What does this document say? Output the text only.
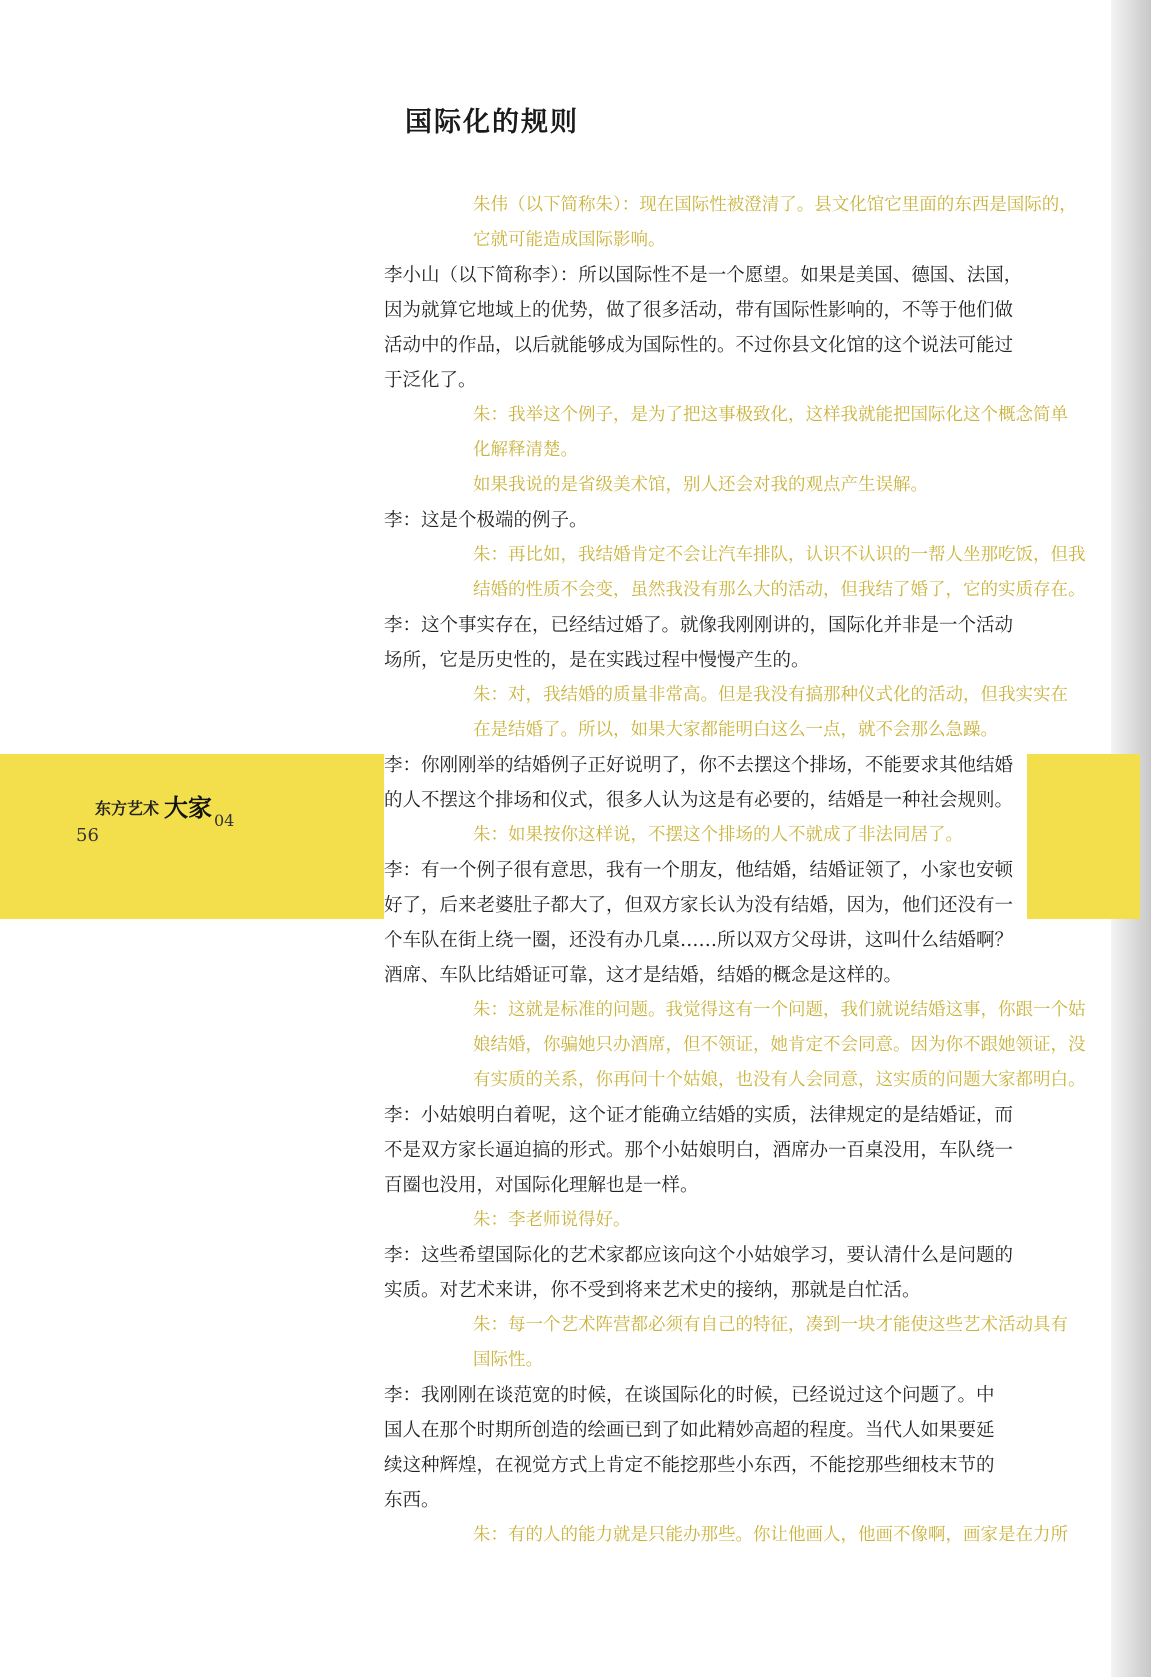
国际化的规则
东方艺术 大家 04
56
朱伟（以下简称朱）：现在国际性被澄清了。县文化馆它里面的东西是国际的，
它就可能造成国际影响。
李小山（以下简称李）：所以国际性不是一个愿望。如果是美国、德国、法国，
因为就算它地域上的优势，做了很多活动，带有国际性影响的，不等于他们做
活动中的作品，以后就能够成为国际性的。不过你县文化馆的这个说法可能过
于泛化了。
朱：我举这个例子，是为了把这事极致化，这样我就能把国际化这个概念简单
化解释清楚。
如果我说的是省级美术馆，别人还会对我的观点产生误解。
李：这是个极端的例子。
朱：再比如，我结婚肯定不会让汽车排队，认识不认识的一帮人坐那吃饭，但我
结婚的性质不会变，虽然我没有那么大的活动，但我结了婚了，它的实质存在。
李：这个事实存在，已经结过婚了。就像我刚刚讲的，国际化并非是一个活动
场所，它是历史性的，是在实践过程中慢慢产生的。
朱：对，我结婚的质量非常高。但是我没有搞那种仪式化的活动，但我实实在
在是结婚了。所以，如果大家都能明白这么一点，就不会那么急躁。
李：你刚刚举的结婚例子正好说明了，你不去摆这个排场，不能要求其他结婚
的人不摆这个排场和仪式，很多人认为这是有必要的，结婚是一种社会规则。
朱：如果按你这样说，不摆这个排场的人不就成了非法同居了。
李：有一个例子很有意思，我有一个朋友，他结婚，结婚证领了，小家也安顿
好了，后来老婆肚子都大了，但双方家长认为没有结婚，因为，他们还没有一
个车队在街上绕一圈，还没有办几桌……所以双方父母讲，这叫什么结婚啊？
酒席、车队比结婚证可靠，这才是结婚，结婚的概念是这样的。
朱：这就是标准的问题。我觉得这有一个问题，我们就说结婚这事，你跟一个姑
娘结婚，你骗她只办酒席，但不领证，她肯定不会同意。因为你不跟她领证，没
有实质的关系，你再问十个姑娘，也没有人会同意，这实质的问题大家都明白。
李：小姑娘明白着呢，这个证才能确立结婚的实质，法律规定的是结婚证，而
不是双方家长逼迫搞的形式。那个小姑娘明白，酒席办一百桌没用，车队绕一
百圈也没用，对国际化理解也是一样。
朱：李老师说得好。
李：这些希望国际化的艺术家都应该向这个小姑娘学习，要认清什么是问题的
实质。对艺术来讲，你不受到将来艺术史的接纳，那就是白忙活。
朱：每一个艺术阵营都必须有自己的特征，凑到一块才能使这些艺术活动具有
国际性。
李：我刚刚在谈范宽的时候，在谈国际化的时候，已经说过这个问题了。中
国人在那个时期所创造的绘画已到了如此精妙高超的程度。当代人如果要延
续这种辉煌，在视觉方式上肯定不能挖那些小东西，不能挖那些细枝末节的
东西。
朱：有的人的能力就是只能办那些。你让他画人，他画不像啊，画家是在力所
